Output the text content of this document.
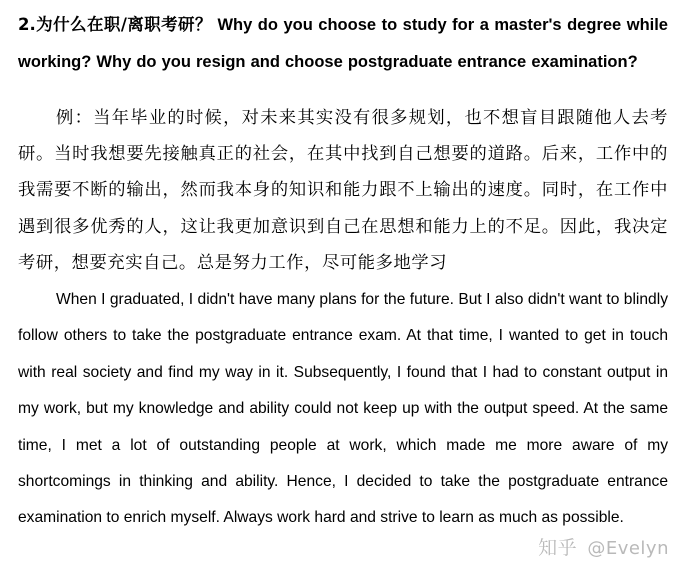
2.为什么在职/离职考研？ Why do you choose to study for a master's degree while working? Why do you resign and choose postgraduate entrance examination?

例：当年毕业的时候，对未来其实没有很多规划，也不想盲目跟随他人去考研。当时我想要先接触真正的社会，在其中找到自己想要的道路。后来，工作中的我需要不断的输出，然而我本身的知识和能力跟不上输出的速度。同时，在工作中遇到很多优秀的人，这让我更加意识到自己在思想和能力上的不足。因此，我决定考研，想要充实自己。总是努力工作，尽可能多地学习

When I graduated, I didn't have many plans for the future. But I also didn't want to blindly follow others to take the postgraduate entrance exam. At that time, I wanted to get in touch with real society and find my way in it. Subsequently, I found that I had to constant output in my work, but my knowledge and ability could not keep up with the output speed. At the same time, I met a lot of outstanding people at work, which made me more aware of my shortcomings in thinking and ability. Hence, I decided to take the postgraduate entrance examination to enrich myself. Always work hard and strive to learn as much as possible.

知乎 @Evelyn
